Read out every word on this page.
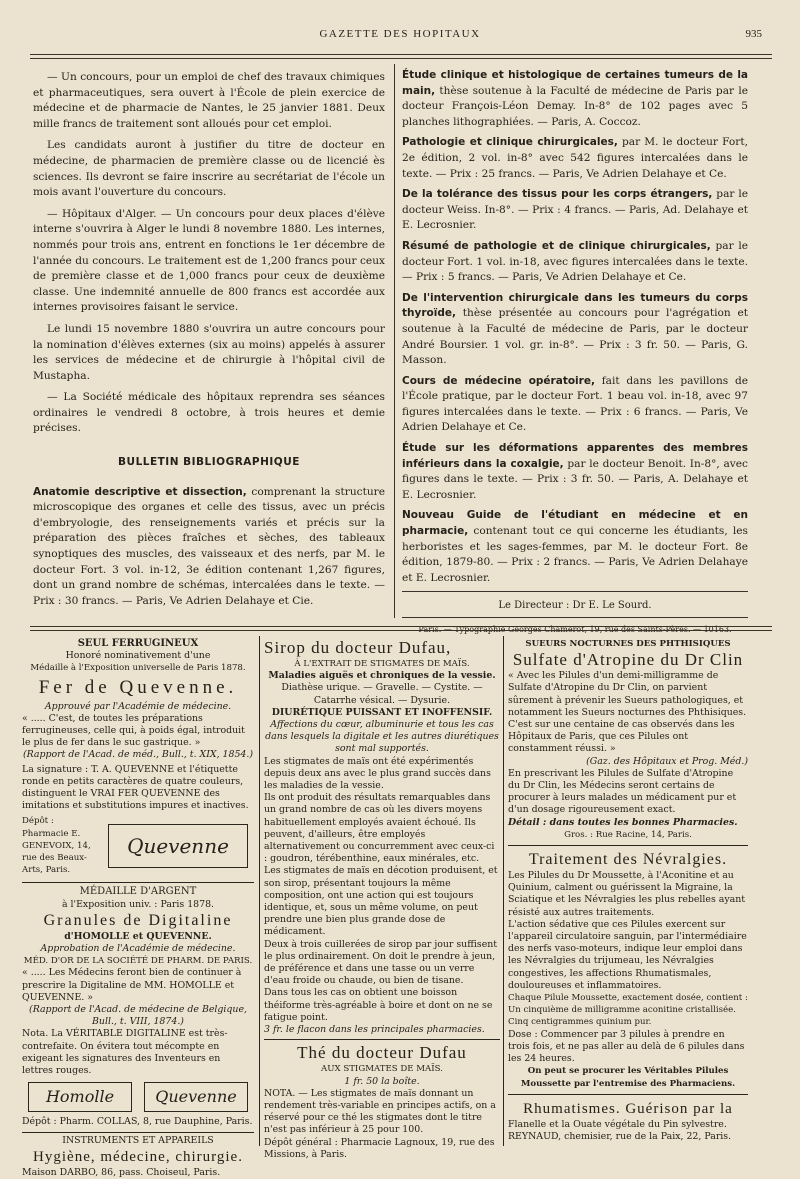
GAZETTE DES HOPITAUX	935

— Un concours, pour un emploi de chef des travaux chimiques et pharmaceutiques, sera ouvert à l'École de plein exercice de médecine et de pharmacie de Nantes, le 25 janvier 1881. Deux mille francs de traitement sont alloués pour cet emploi.

Les candidats auront à justifier du titre de docteur en médecine, de pharmacien de première classe ou de licencié ès sciences. Ils devront se faire inscrire au secrétariat de l'école un mois avant l'ouverture du concours.

— Hôpitaux d'Alger. — Un concours pour deux places d'élève interne s'ouvrira à Alger le lundi 8 novembre 1880. Les internes, nommés pour trois ans, entrent en fonctions le 1er décembre de l'année du concours. Le traitement est de 1,200 francs pour ceux de première classe et de 1,000 francs pour ceux de deuxième classe. Une indemnité annuelle de 800 francs est accordée aux internes provisoires faisant le service.

Le lundi 15 novembre 1880 s'ouvrira un autre concours pour la nomination d'élèves externes (six au moins) appelés à assurer les services de médecine et de chirurgie à l'hôpital civil de Mustapha.

— La Société médicale des hôpitaux reprendra ses séances ordinaires le vendredi 8 octobre, à trois heures et demie précises.

BULLETIN BIBLIOGRAPHIQUE
Anatomie descriptive et dissection, comprenant la structure microscopique des organes et celle des tissus, avec un précis d'embryologie, des renseignements variés et précis sur la préparation des pièces fraîches et sèches, des tableaux synoptiques des muscles, des vaisseaux et des nerfs, par M. le docteur Fort. 3 vol. in-12, 3e édition contenant 1,267 figures, dont un grand nombre de schémas, intercalées dans le texte. — Prix : 30 francs. — Paris, Ve Adrien Delahaye et Cie.
Étude clinique et histologique de certaines tumeurs de la main, thèse soutenue à la Faculté de médecine de Paris par le docteur François-Léon Demay. In-8° de 102 pages avec 5 planches lithographiées. — Paris, A. Coccoz.
Pathologie et clinique chirurgicales, par M. le docteur Fort, 2e édition, 2 vol. in-8° avec 542 figures intercalées dans le texte. — Prix : 25 francs. — Paris, Ve Adrien Delahaye et Ce.
De la tolérance des tissus pour les corps étrangers, par le docteur Weiss. In-8°. — Prix : 4 francs. — Paris, Ad. Delahaye et E. Lecrosnier.
Résumé de pathologie et de clinique chirurgicales, par le docteur Fort. 1 vol. in-18, avec figures intercalées dans le texte. — Prix : 5 francs. — Paris, Ve Adrien Delahaye et Ce.
De l'intervention chirurgicale dans les tumeurs du corps thyroïde, thèse présentée au concours pour l'agrégation et soutenue à la Faculté de médecine de Paris, par le docteur André Boursier. 1 vol. gr. in-8°. — Prix : 3 fr. 50. — Paris, G. Masson.
Cours de médecine opératoire, fait dans les pavillons de l'École pratique, par le docteur Fort. 1 beau vol. in-18, avec 97 figures intercalées dans le texte. — Prix : 6 francs. — Paris, Ve Adrien Delahaye et Ce.
Étude sur les déformations apparentes des membres inférieurs dans la coxalgie, par le docteur Benoit. In-8°, avec figures dans le texte. — Prix : 3 fr. 50. — Paris, A. Delahaye et E. Lecrosnier.
Nouveau Guide de l'étudiant en médecine et en pharmacie, contenant tout ce qui concerne les étudiants, les herboristes et les sages-femmes, par M. le docteur Fort. 8e édition, 1879-80. — Prix : 2 francs. — Paris, Ve Adrien Delahaye et E. Lecrosnier.
Le Directeur : Dr E. Le Sourd.
Paris. — Typographie Georges Chamerot, 19, rue des Saints-Pères. — 10163.
SEUL FERRUGINEUX
Honoré nominativement d'une
Médaille à l'Exposition universelle de Paris 1878.
Fer de Quevenne.
Approuvé par l'Académie de médecine.
« ..... C'est, de toutes les préparations ferrugineuses, celle qui, à poids égal, introduit le plus de fer dans le suc gastrique. »
(Rapport de l'Acad. de méd., Bull., t. XIX, 1854.)
La signature : T. A. QUEVENNE et l'étiquette ronde en petits caractères de quatre couleurs, distinguent le VRAI FER QUEVENNE des imitations et substitutions impures et inactives.
Dépôt : Pharmacie E. GENEVOIX, 14, rue des Beaux-Arts, Paris.
Quevenne
MÉDAILLE D'ARGENT
à l'Exposition univ. : Paris 1878.
Granules de Digitaline
d'HOMOLLE et QUEVENNE.
Approbation de l'Académie de médecine.
MÉD. D'OR DE LA SOCIÉTÉ DE PHARM. DE PARIS.
« ..... Les Médecins feront bien de continuer à prescrire la Digitaline de MM. HOMOLLE et QUEVENNE. »
(Rapport de l'Acad. de médecine de Belgique, Bull., t. VIII, 1874.)
Nota. La VÉRITABLE DIGITALINE est très-contrefaite. On évitera tout mécompte en exigeant les signatures des Inventeurs en lettres rouges.
Homolle	Quevenne
Dépôt : Pharm. COLLAS, 8, rue Dauphine, Paris.
INSTRUMENTS ET APPAREILS
Hygiène, médecine, chirurgie.
Maison DARBO, 86, pass. Choiseul, Paris.
Sirop du docteur Dufau,
À L'EXTRAIT DE STIGMATES DE MAÏS.
Maladies aiguës et chroniques de la vessie.
Diathèse urique. — Gravelle. — Cystite. — Catarrhe vésical. — Dysurie.
DIURÉTIQUE PUISSANT ET INOFFENSIF.
Affections du cœur, albuminurie et tous les cas dans lesquels la digitale et les autres diurétiques sont mal supportés.
Les stigmates de maïs ont été expérimentés depuis deux ans avec le plus grand succès dans les maladies de la vessie.
Ils ont produit des résultats remarquables dans un grand nombre de cas où les divers moyens habituellement employés avaient échoué. Ils peuvent, d'ailleurs, être employés alternativement ou concurremment avec ceux-ci : goudron, térébenthine, eaux minérales, etc.
Les stigmates de maïs en décotion produisent, et son sirop, présentant toujours la même composition, ont une action qui est toujours identique, et, sous un même volume, on peut prendre une bien plus grande dose de médicament.
Deux à trois cuillerées de sirop par jour suffisent le plus ordinairement. On doit le prendre à jeun, de préférence et dans une tasse ou un verre d'eau froide ou chaude, ou bien de tisane.
Dans tous les cas on obtient une boisson théiforme très-agréable à boire et dont on ne se fatigue point.
3 fr. le flacon dans les principales pharmacies.
Thé du docteur Dufau
AUX STIGMATES DE MAÏS.
1 fr. 50 la boîte.
NOTA. — Les stigmates de maïs donnant un rendement très-variable en principes actifs, on a réservé pour ce thé les stigmates dont le titre n'est pas inférieur à 25 pour 100.
Dépôt général : Pharmacie Lagnoux, 19, rue des Missions, à Paris.
SUEURS NOCTURNES DES PHTHISIQUES
Sulfate d'Atropine du Dr Clin
« Avec les Pilules d'un demi-milligramme de Sulfate d'Atropine du Dr Clin, on parvient sûrement à prévenir les Sueurs pathologiques, et notamment les Sueurs nocturnes des Phthisiques. C'est sur une centaine de cas observés dans les Hôpitaux de Paris, que ces Pilules ont constamment réussi. »
(Gaz. des Hôpitaux et Prog. Méd.)
En prescrivant les Pilules de Sulfate d'Atropine du Dr Clin, les Médecins seront certains de procurer à leurs malades un médicament pur et d'un dosage rigoureusement exact.
Détail : dans toutes les bonnes Pharmacies.
Gros. : Rue Racine, 14, Paris.
Traitement des Névralgies.
Les Pilules du Dr Moussette, à l'Aconitine et au Quinium, calment ou guérissent la Migraine, la Sciatique et les Névralgies les plus rebelles ayant résisté aux autres traitements.
L'action sédative que ces Pilules exercent sur l'appareil circulatoire sanguin, par l'intermédiaire des nerfs vaso-moteurs, indique leur emploi dans les Névralgies du trijumeau, les Névralgies congestives, les affections Rhumatismales, douloureuses et inflammatoires.
Chaque Pilule Moussette, exactement dosée, contient : Un cinquième de milligramme aconitine cristallisée. Cinq centigrammes quinium pur.
Dose : Commencer par 3 pilules à prendre en trois fois, et ne pas aller au delà de 6 pilules dans les 24 heures.
On peut se procurer les Véritables Pilules Moussette par l'entremise des Pharmaciens.
Rhumatismes. Guérison par la
Flanelle et la Ouate végétale du Pin sylvestre. REYNAUD, chemisier, rue de la Paix, 22, Paris.
